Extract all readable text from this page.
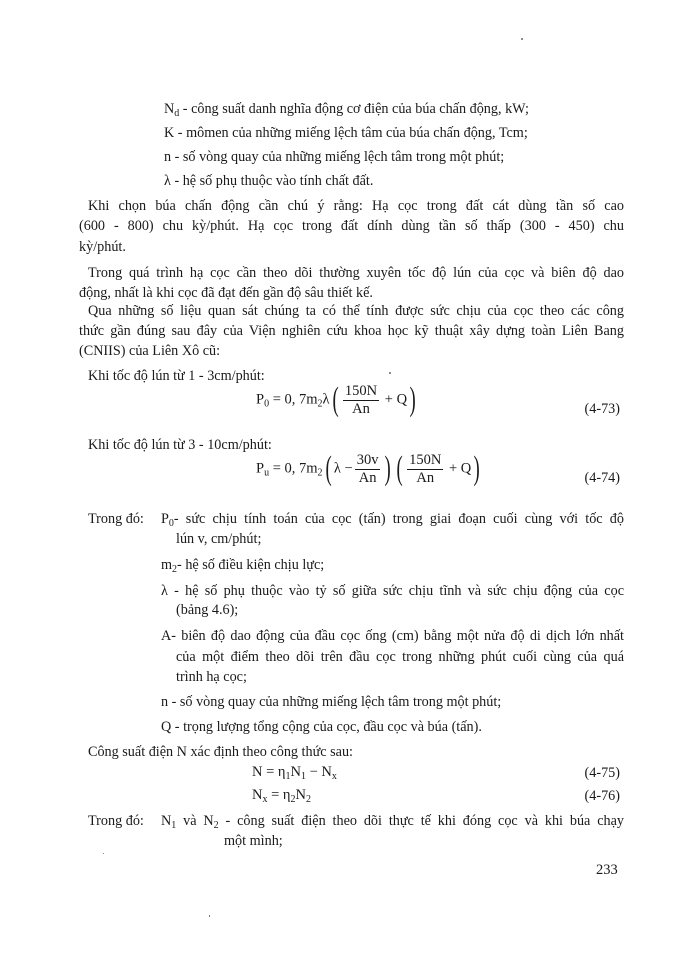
$N_d$ - công suất danh nghĩa động cơ điện của búa chấn động, kW;
K - mômen của những miếng lệch tâm của búa chấn động, Tcm;
n - số vòng quay của những miếng lệch tâm trong một phút;
λ - hệ số phụ thuộc vào tính chất đất.
Khi chọn búa chấn động cần chú ý rằng: Hạ cọc trong đất cát dùng tần số cao
(600 - 800) chu kỳ/phút. Hạ cọc trong đất dính dùng tần số thấp (300 - 450) chu
kỳ/phút.
Trong quá trình hạ cọc cần theo dõi thường xuyên tốc độ lún của cọc và biên độ dao
động, nhất là khi cọc đã đạt đến gần độ sâu thiết kế.
Qua những số liệu quan sát chúng ta có thể tính được sức chịu của cọc theo các công
thức gần đúng sau đây của Viện nghiên cứu khoa học kỹ thuật xây dựng toàn Liên Bang
(CNIIS) của Liên Xô cũ:
Khi tốc độ lún từ 1 - 3cm/phút:
$P_0 = 0$, $7m_2\lambda( \frac{150N}{An} + Q)$	(4-73)
Khi tốc độ lún từ 3 - 10cm/phút:
$P_u = 0$, $7m_2$( $\lambda - \frac{30v}{An}$ ) ( $\frac{150N}{An} + Q$)	(4-74)
Trong đó: $P_0-$ sức chịu tính toán của cọc (tấn) trong giai đoạn cuối cùng với tốc độ
lún v, cm/phút;
$m_2-$ hệ số điều kiện chịu lực;
λ - hệ số phụ thuộc vào tỷ số giữa sức chịu tĩnh và sức chịu động của cọc
(bảng 4.6);
A- biên độ dao động của đầu cọc ống (cm) bằng một nửa độ di dịch lớn nhất
của một điểm theo dõi trên đầu cọc trong những phút cuối cùng của quá
trình hạ cọc;
n - số vòng quay của những miếng lệch tâm trong một phút;
Q - trọng lượng tổng cộng của cọc, đầu cọc và búa (tấn).
Công suất điện N xác định theo công thức sau:
$N = \eta_1N_1 - N_x$	(4-75)
$N_x = \eta_2N_2$	(4-76)
Trong đó: $N_1$ và $N_2$ - công suất điện theo dõi thực tế khi đóng cọc và khi búa chạy
một mình;
233
